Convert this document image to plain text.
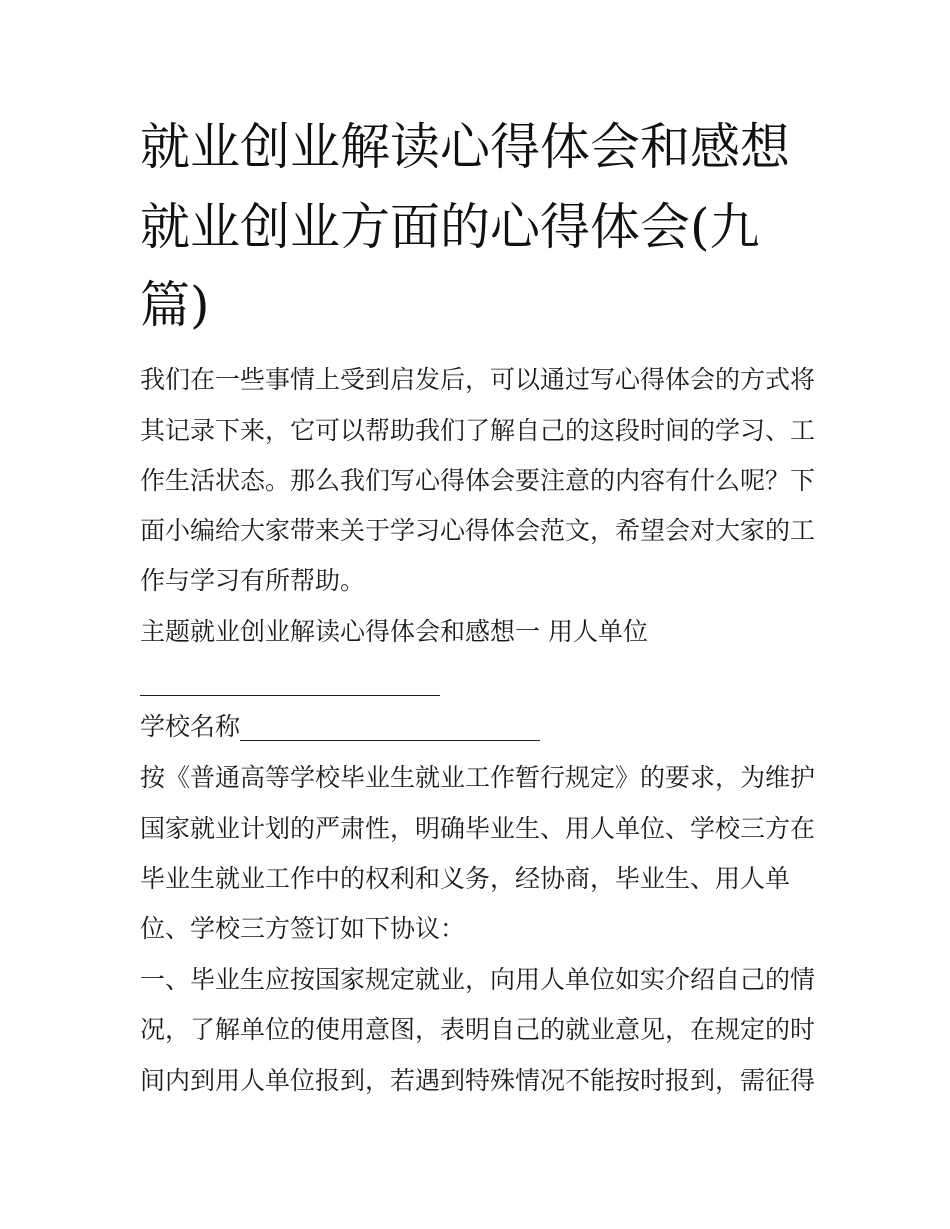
就业创业解读心得体会和感想
就业创业方面的心得体会(九
篇)

我们在一些事情上受到启发后，可以通过写心得体会的方式将

其记录下来，它可以帮助我们了解自己的这段时间的学习、工

作生活状态。那么我们写心得体会要注意的内容有什么呢？下

面小编给大家带来关于学习心得体会范文，希望会对大家的工

作与学习有所帮助。

主题就业创业解读心得体会和感想一 用人单位

________________________

学校名称________________________

按《普通高等学校毕业生就业工作暂行规定》的要求，为维护

国家就业计划的严肃性，明确毕业生、用人单位、学校三方在

毕业生就业工作中的权利和义务，经协商，毕业生、用人单

位、学校三方签订如下协议：

一、毕业生应按国家规定就业，向用人单位如实介绍自己的情

况，了解单位的使用意图，表明自己的就业意见，在规定的时

间内到用人单位报到，若遇到特殊情况不能按时报到，需征得
